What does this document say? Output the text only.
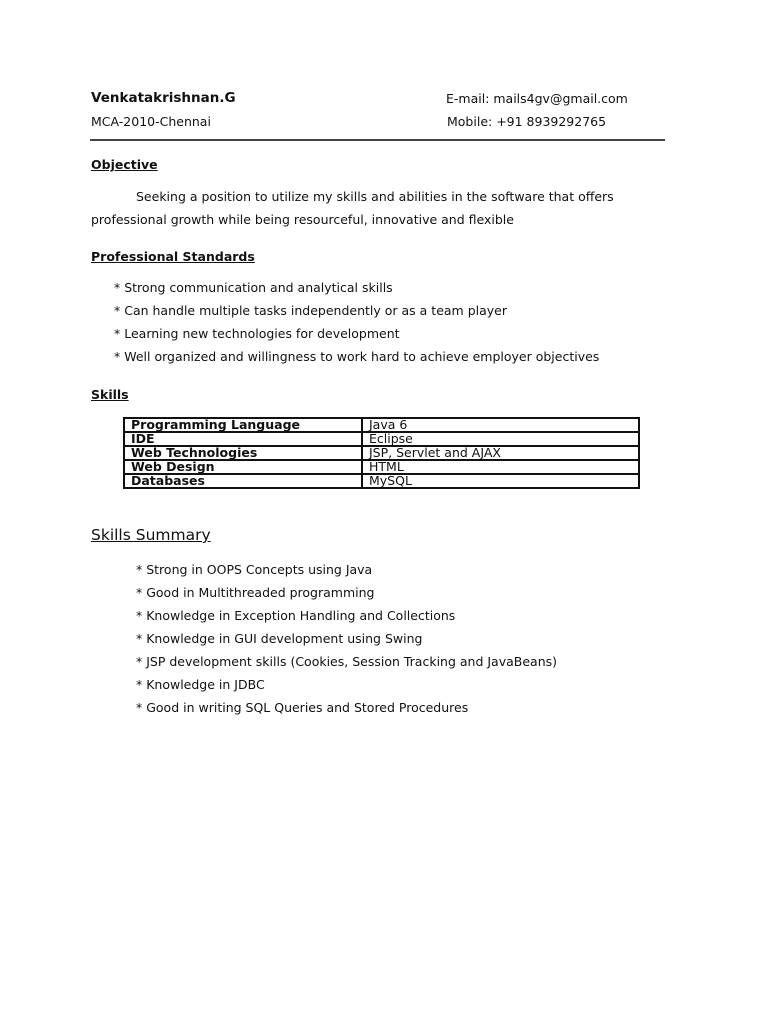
Venkatakrishnan.G
MCA-2010-Chennai
E-mail: mails4gv@gmail.com
Mobile: +91 8939292765
Objective
Seeking a position to utilize my skills and abilities in the software that offers professional growth while being resourceful, innovative and flexible
Professional Standards
* Strong communication and analytical skills
* Can handle multiple tasks independently or as a team player
* Learning new technologies for development
* Well organized and willingness to work hard to achieve employer objectives
Skills
Programming Language	Java 6
IDE	Eclipse
Web Technologies	JSP, Servlet and AJAX
Web Design	HTML
Databases	MySQL
Skills Summary
* Strong in OOPS Concepts using Java
* Good in Multithreaded programming
* Knowledge in Exception Handling and Collections
* Knowledge in GUI development using Swing
* JSP development skills (Cookies, Session Tracking and JavaBeans)
* Knowledge in JDBC
* Good in writing SQL Queries and Stored Procedures
